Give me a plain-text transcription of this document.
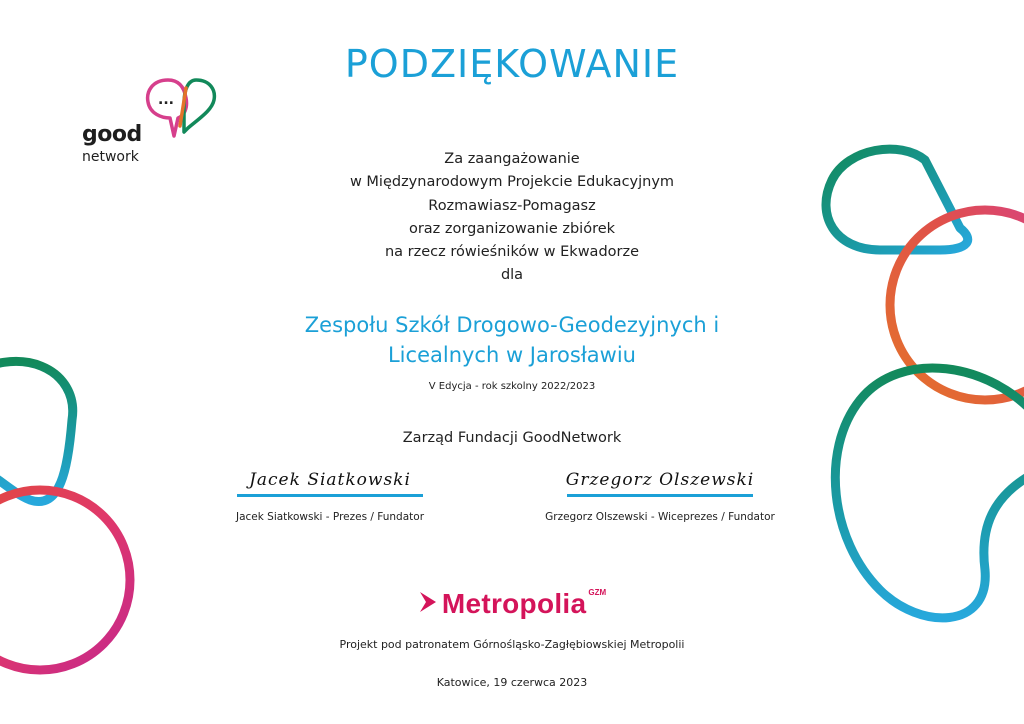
...
good
network
PODZIĘKOWANIE
Za zaangażowanie
w Międzynarodowym Projekcie Edukacyjnym
Rozmawiasz-Pomagasz
oraz zorganizowanie zbiórek
na rzecz rówieśników w Ekwadorze
dla
Zespołu Szkół Drogowo-Geodezyjnych i
Licealnych w Jarosławiu
V Edycja - rok szkolny 2022/2023
Zarząd Fundacji GoodNetwork
Jacek Siatkowski
Jacek Siatkowski - Prezes / Fundator
Grzegorz Olszewski
Grzegorz Olszewski - Wiceprezes / Fundator
Metropolia GZM
Projekt pod patronatem Górnośląsko-Zagłębiowskiej Metropolii
Katowice, 19 czerwca 2023
